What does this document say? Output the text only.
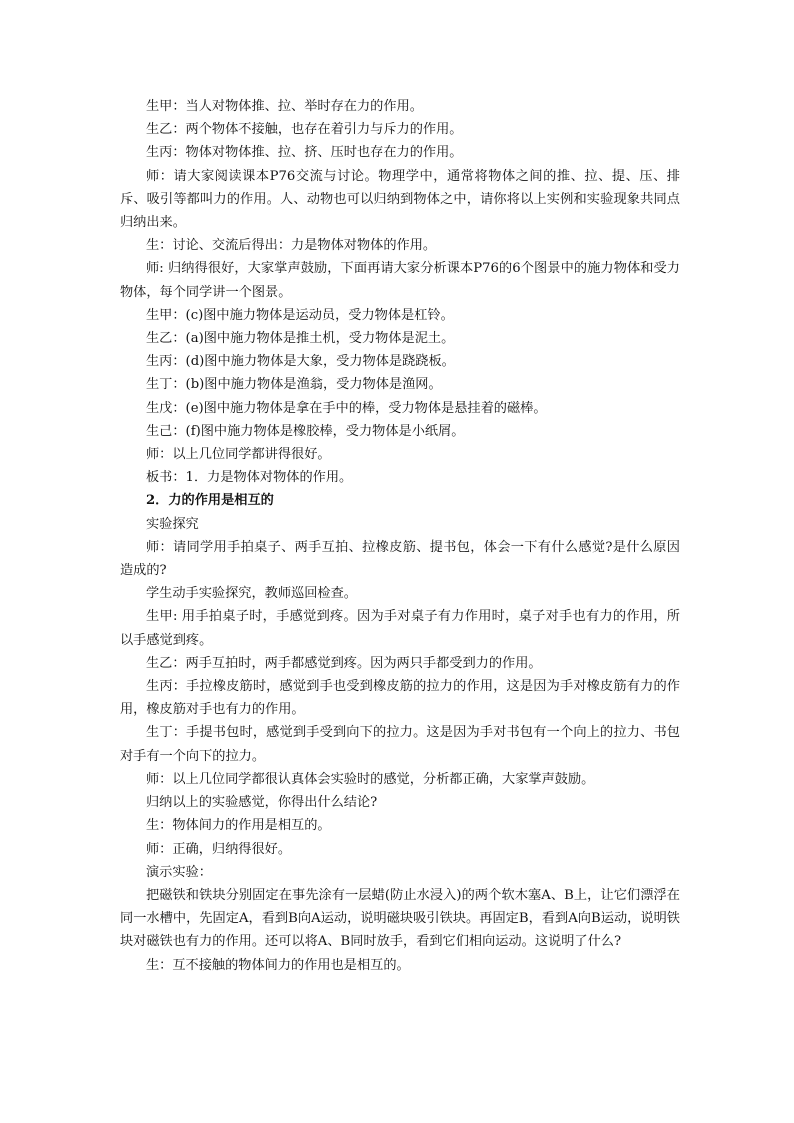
生甲：当人对物体推、拉、举时存在力的作用。

生乙：两个物体不接触，也存在着引力与斥力的作用。

生丙：物体对物体推、拉、挤、压时也存在力的作用。

师：请大家阅读课本P76交流与讨论。物理学中，通常将物体之间的推、拉、提、压、排斥、吸引等都叫力的作用。人、动物也可以归纳到物体之中，请你将以上实例和实验现象共同点归纳出来。

生：讨论、交流后得出：力是物体对物体的作用。

师: 归纳得很好，大家掌声鼓励，下面再请大家分析课本P76的6个图景中的施力物体和受力物体，每个同学讲一个图景。

生甲：(c)图中施力物体是运动员，受力物体是杠铃。

生乙：(a)图中施力物体是推土机，受力物体是泥土。

生丙：(d)图中施力物体是大象，受力物体是跷跷板。

生丁：(b)图中施力物体是渔翁，受力物体是渔网。

生戊：(e)图中施力物体是拿在手中的棒，受力物体是悬挂着的磁棒。

生己：(f)图中施力物体是橡胶棒，受力物体是小纸屑。

师：以上几位同学都讲得很好。

板书：1．力是物体对物体的作用。

2．力的作用是相互的

实验探究

师：请同学用手拍桌子、两手互拍、拉橡皮筋、提书包，体会一下有什么感觉?是什么原因造成的?

学生动手实验探究，教师巡回检查。

生甲: 用手拍桌子时，手感觉到疼。因为手对桌子有力作用时，桌子对手也有力的作用，所以手感觉到疼。

生乙：两手互拍时，两手都感觉到疼。因为两只手都受到力的作用。

生丙：手拉橡皮筋时，感觉到手也受到橡皮筋的拉力的作用，这是因为手对橡皮筋有力的作用，橡皮筋对手也有力的作用。

生丁：手提书包时，感觉到手受到向下的拉力。这是因为手对书包有一个向上的拉力、书包对手有一个向下的拉力。

师：以上几位同学都很认真体会实验时的感觉，分析都正确，大家掌声鼓励。

归纳以上的实验感觉，你得出什么结论?

生：物体间力的作用是相互的。

师：正确，归纳得很好。

演示实验：

把磁铁和铁块分别固定在事先涂有一层蜡(防止水浸入)的两个软木塞A、B上，让它们漂浮在同一水槽中，先固定A，看到B向A运动，说明磁块吸引铁块。再固定B，看到A向B运动，说明铁块对磁铁也有力的作用。还可以将A、B同时放手，看到它们相向运动。这说明了什么?

生：互不接触的物体间力的作用也是相互的。
